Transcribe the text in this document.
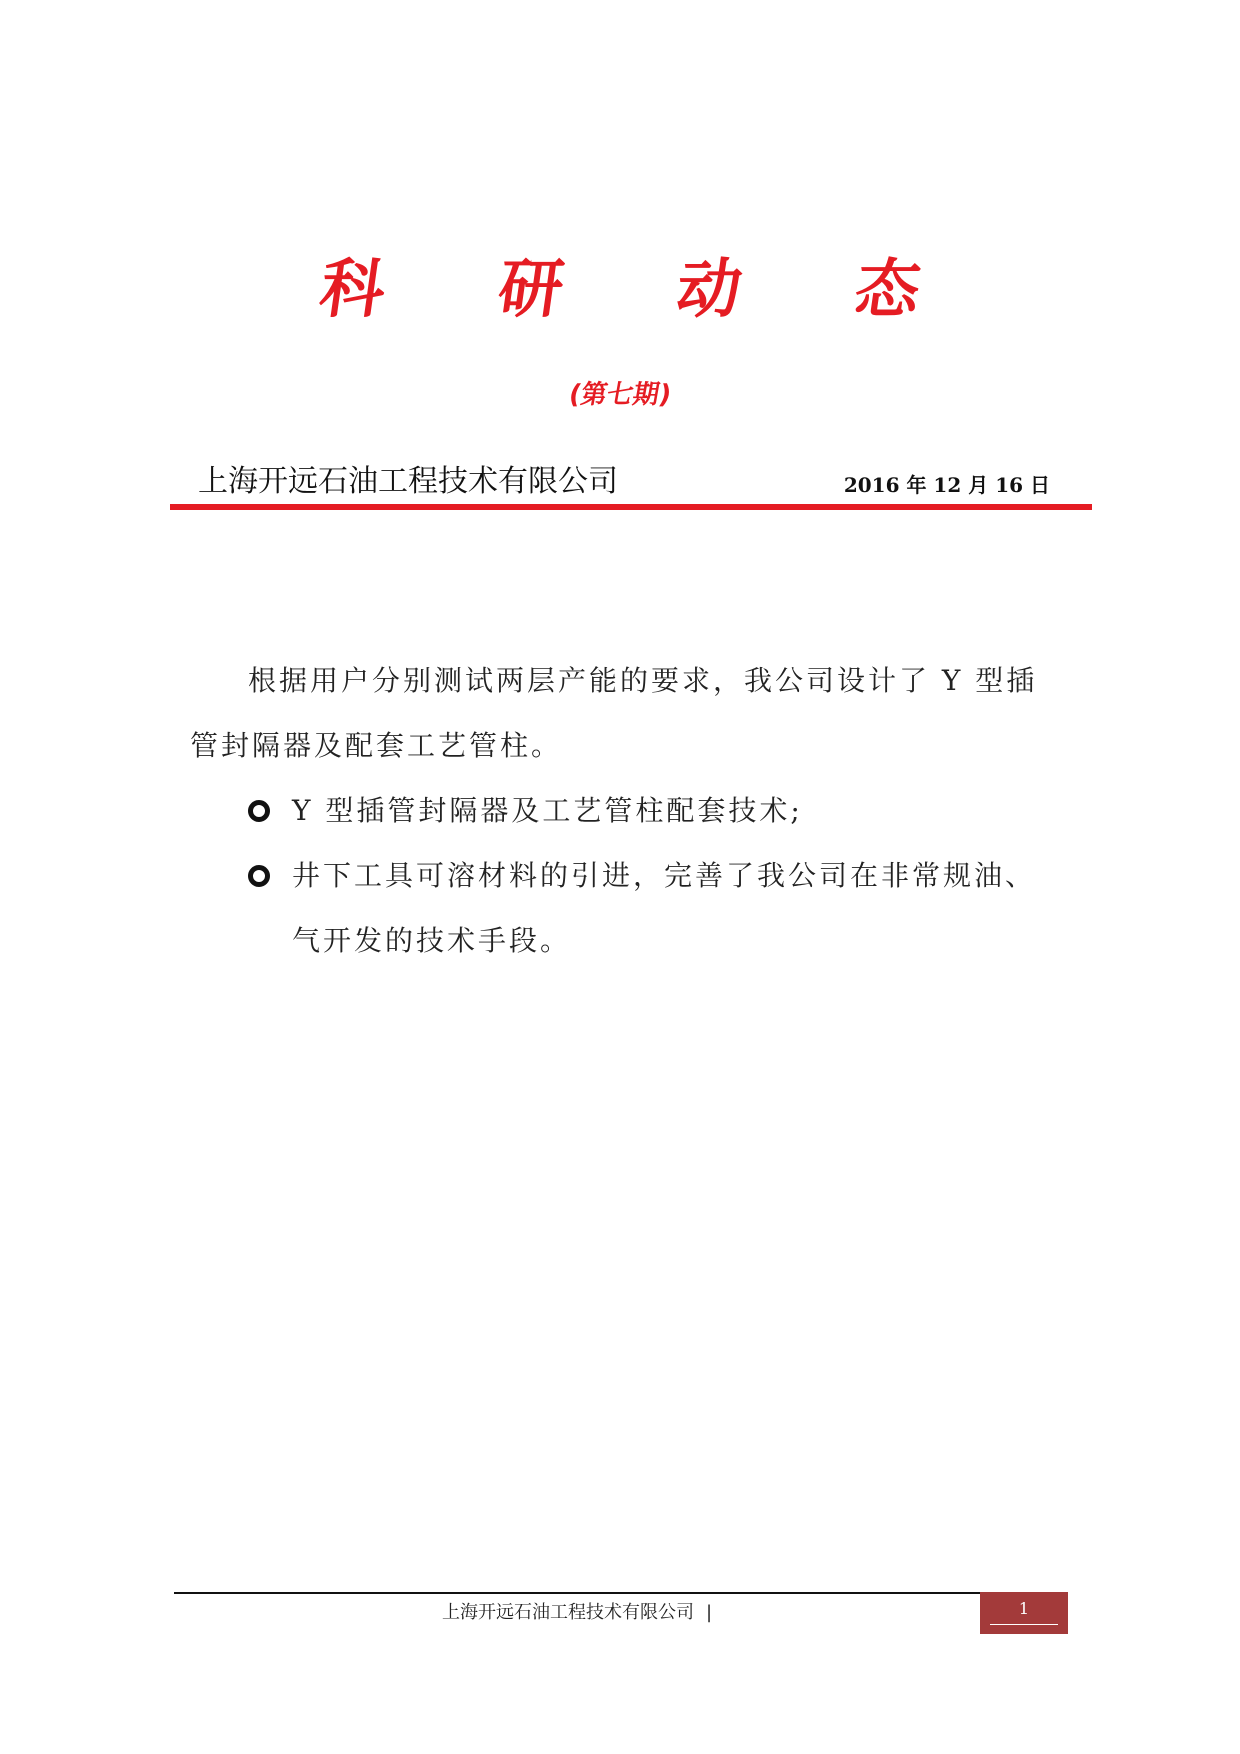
科 研 动 态
(第七期)
上海开远石油工程技术有限公司	2016 年 12 月 16 日

根据用户分别测试两层产能的要求，我公司设计了 Y 型插管封隔器及配套工艺管柱。

Y 型插管封隔器及工艺管柱配套技术;
井下工具可溶材料的引进，完善了我公司在非常规油、气开发的技术手段。
上海开远石油工程技术有限公司 |	1
